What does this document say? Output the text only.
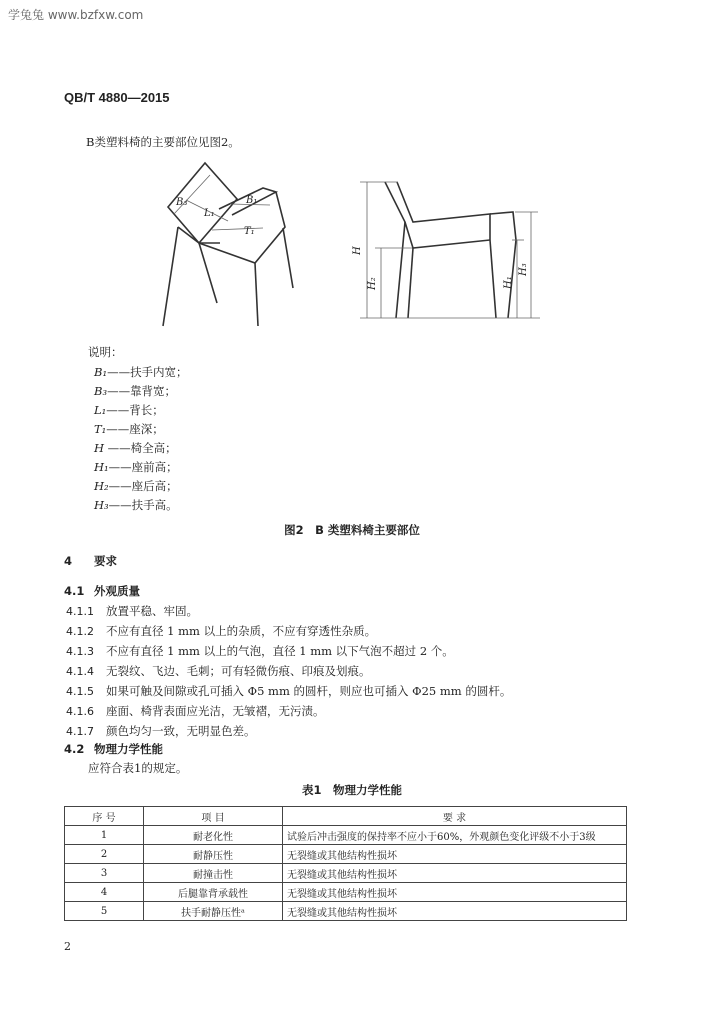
学兔兔 www.bzfxw.com
QB/T 4880—2015
B类塑料椅的主要部位见图2。
B₃
L₁
B₁
T₁
H
H₂	H₁
H₃
说明：
B₁——扶手内宽；
B₃——靠背宽；
L₁——背长；
T₁——座深；
H ——椅全高；
H₁——座前高；
H₂——座后高；
H₃——扶手高。
图2　B 类塑料椅主要部位
4 要求
4.1 外观质量
4.1.1 放置平稳、牢固。
4.1.2 不应有直径 1 mm 以上的杂质，不应有穿透性杂质。
4.1.3 不应有直径 1 mm 以上的气泡，直径 1 mm 以下气泡不超过 2 个。
4.1.4 无裂纹、飞边、毛刺；可有轻微伤痕、印痕及划痕。
4.1.5 如果可触及间隙或孔可插入 Φ5 mm 的圆杆，则应也可插入 Φ25 mm 的圆杆。
4.1.6 座面、椅背表面应光洁，无皱褶，无污渍。
4.1.7 颜色均匀一致，无明显色差。
4.2 物理力学性能
应符合表1的规定。
表1　物理力学性能
序 号	项 目	要 求
1	耐老化性	试验后冲击强度的保持率不应小于60%，外观颜色变化评级不小于3级
2	耐静压性	无裂缝或其他结构性损坏
3	耐撞击性	无裂缝或其他结构性损坏
4	后腿靠背承载性	无裂缝或其他结构性损坏
5	扶手耐静压性ᵃ	无裂缝或其他结构性损坏
2
